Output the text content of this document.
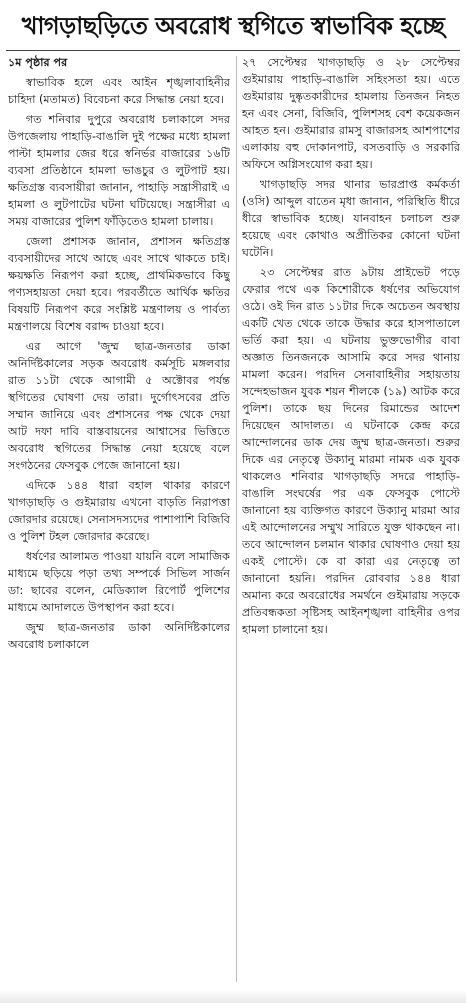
খাগড়াছড়িতে অবরোধ স্থগিতে স্বাভাবিক হচ্ছে

১ম পৃষ্ঠার পর

স্বাভাবিক হলে এবং আইন শৃঙ্খলাবাহিনীর চাহিদা (মতামত) বিবেচনা করে সিদ্ধান্ত নেয়া হবে।

গত শনিবার দুপুরে অবরোধ চলাকালে সদর উপজেলায় পাহাড়ি-বাঙালি দুই পক্ষের মধ্যে হামলা পাল্টা হামলার জের ধরে স্বনির্ভর বাজারের ১৬টি ব্যবসা প্রতিষ্ঠানে হামলা ভাঙচুর ও লুটপাট হয়। ক্ষতিগ্রস্ত ব্যবসায়ীরা জানান, পাহাড়ি সন্ত্রাসীরাই এ হামলা ও লুটপাটের ঘটনা ঘটিয়েছে। সন্ত্রাসীরা এ সময় বাজারের পুলিশ ফাঁড়িতেও হামলা চালায়।

জেলা প্রশাসক জানান, প্রশাসন ক্ষতিগ্রস্ত ব্যবসায়ীদের সাথে আছে এবং সাথে থাকতে চাই। ক্ষয়ক্ষতি নিরূপণ করা হচ্ছে, প্রাথমিকভাবে কিছু পণ্যসহায়তা দেয়া হবে। পরবর্তীতে আর্থিক ক্ষতির বিষয়টি নিরূপণ করে সংশ্লিষ্ট মন্ত্রণালয় ও পার্বত্য মন্ত্রণালয়ে বিশেষ বরাদ্দ চাওয়া হবে।

এর আগে 'জুম্ম ছাত্র-জনতার ডাকা অনির্দিষ্টকালের সড়ক অবরোধ কর্মসূচি মঙ্গলবার রাত ১১টা থেকে আগামী ৫ অক্টোবর পর্যন্ত স্থগিতের ঘোষণা দেয় তারা। দুর্গোৎসবের প্রতি সম্মান জানিয়ে এবং প্রশাসনের পক্ষ থেকে দেয়া আট দফা দাবি বাস্তবায়নের আশ্বাসের ভিত্তিতে অবরোধ স্থগিতের সিদ্ধান্ত নেয়া হয়েছে বলে সংগঠনের ফেসবুক পেজে জানানো হয়।

এদিকে ১৪৪ ধারা বহাল থাকার কারণে খাগড়াছড়ি ও গুইমারায় এখনো বাড়তি নিরাপত্তা জোরদার রয়েছে। সেনাসদস্যদের পাশাপাশি বিজিবি ও পুলিশ টহল জোরদার করেছে।

ধর্ষণের আলামত পাওয়া যায়নি বলে সামাজিক মাধ্যমে ছড়িয়ে পড়া তথ্য সম্পর্কে সিভিল সার্জন ডা: ছাবের বলেন, মেডিক্যাল রিপোর্ট পুলিশের মাধ্যমে আদালতে উপস্থাপন করা হবে।

জুম্ম ছাত্র-জনতার ডাকা অনির্দিষ্টকালের অবরোধ চলাকালে

২৭ সেপ্টেম্বর খাগড়াছড়ি ও ২৮ সেপ্টেম্বর গুইমারায় পাহাড়ি-বাঙালি সহিংসতা হয়। এতে গুইমারায় দুষ্কৃতকারীদের হামলায় তিনজন নিহত হন এবং সেনা, বিজিবি, পুলিশসহ বেশ কয়েকজন আহত হন। গুইমারার রামসু বাজারসহ আশপাশের এলাকায় বহু দোকানপাট, বসতবাড়ি ও সরকারি অফিসে অগ্নিসংযোগ করা হয়।

খাগড়াছড়ি সদর থানার ভারপ্রাপ্ত কর্মকর্তা (ওসি) আব্দুল বাতেন মৃধা জানান, পরিস্থিতি ধীরে ধীরে স্বাভাবিক হচ্ছে। যানবাহন চলাচল শুরু হয়েছে এবং কোথাও অপ্রীতিকর কোনো ঘটনা ঘটেনি।

২৩ সেপ্টেম্বর রাত ৯টায় প্রাইভেট পড়ে ফেরার পথে এক কিশোরীকে ধর্ষণের অভিযোগ ওঠে। ওই দিন রাত ১১টার দিকে অচেতন অবস্থায় একটি খেত থেকে তাকে উদ্ধার করে হাসপাতালে ভর্তি করা হয়। এ ঘটনায় ভুক্তভোগীর বাবা অজ্ঞাত তিনজনকে আসামি করে সদর থানায় মামলা করেন। পরদিন সেনাবাহিনীর সহায়তায় সন্দেহভাজন যুবক শয়ন শীলকে (১৯) আটক করে পুলিশ। তাকে ছয় দিনের রিমান্ডের আদেশ দিয়েছেন আদালত। এ ঘটনাকে কেন্দ্র করে আন্দোলনের ডাক দেয় জুম্ম ছাত্র-জনতা। শুরুর দিকে এর নেতৃত্বে উক্যানু মারমা নামক এক যুবক থাকলেও শনিবার খাগড়াছড়ি সদরে পাহাড়ি-বাঙালি সংঘর্ষের পর এক ফেসবুক পোস্টে জানানো হয় ব্যক্তিগত কারণে উক্যানু মারমা আর এই আন্দোলনের সম্মুখ সারিতে যুক্ত থাকছেন না। তবে আন্দোলন চলমান থাকার ঘোষণাও দেয়া হয় একই পোস্টে। কে বা কারা এর নেতৃত্বে তা জানানো হয়নি। পরদিন রোববার ১৪৪ ধারা অমান্য করে অবরোধের সমর্থনে গুইমারায় সড়কে প্রতিবন্ধকতা সৃষ্টিসহ আইনশৃঙ্খলা বাহিনীর ওপর হামলা চালানো হয়।
